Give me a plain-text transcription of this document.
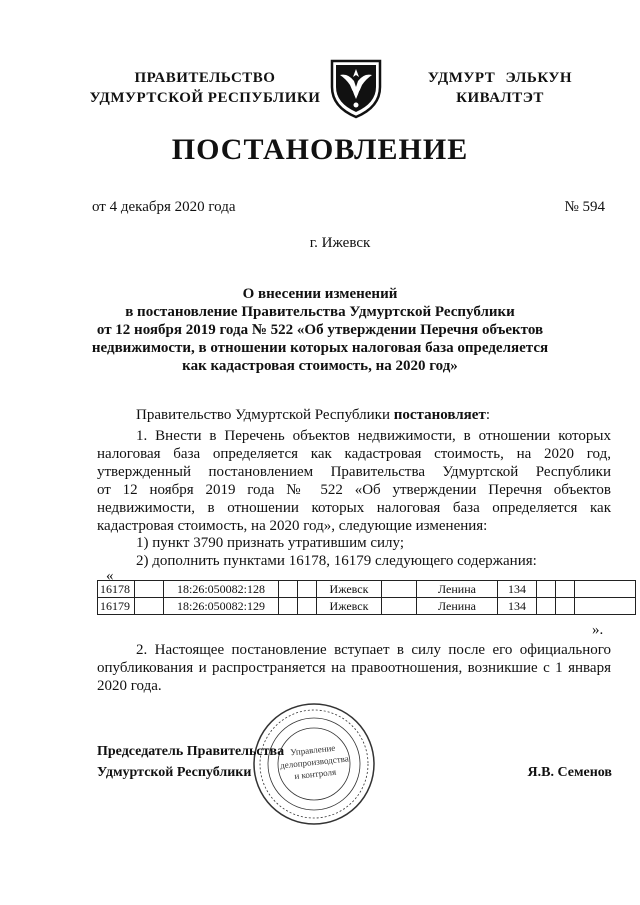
ПРАВИТЕЛЬСТВО
УДМУРТСКОЙ РЕСПУБЛИКИ
УДМУРТ ЭЛЬКУН
КИВАЛТЭТ
ПОСТАНОВЛЕНИЕ
от 4 декабря 2020 года	№ 594
г. Ижевск
О внесении изменений
в постановление Правительства Удмуртской Республики
от 12 ноября 2019 года № 522 «Об утверждении Перечня объектов
недвижимости, в отношении которых налоговая база определяется
как кадастровая стоимость, на 2020 год»
Правительство Удмуртской Республики постановляет:
1. Внести в Перечень объектов недвижимости, в отношении которых
налоговая база определяется как кадастровая стоимость, на 2020 год,
утвержденный постановлением Правительства Удмуртской Республики
от 12 ноября 2019 года № 522 «Об утверждении Перечня объектов
недвижимости, в отношении которых налоговая база определяется как
кадастровая стоимость, на 2020 год», следующие изменения:
1) пункт 3790 признать утратившим силу;
2) дополнить пунктами 16178, 16179 следующего содержания:
«
16178		18:26:050082:128			Ижевск		Ленина	134			
16179		18:26:050082:129			Ижевск		Ленина	134			
».
2. Настоящее постановление вступает в силу после его официального
опубликования и распространяется на правоотношения, возникшие с 1 января
2020 года.
Управление
делопроизводства
и контроля
Председатель Правительства
Удмуртской Республики	Я.В. Семенов
